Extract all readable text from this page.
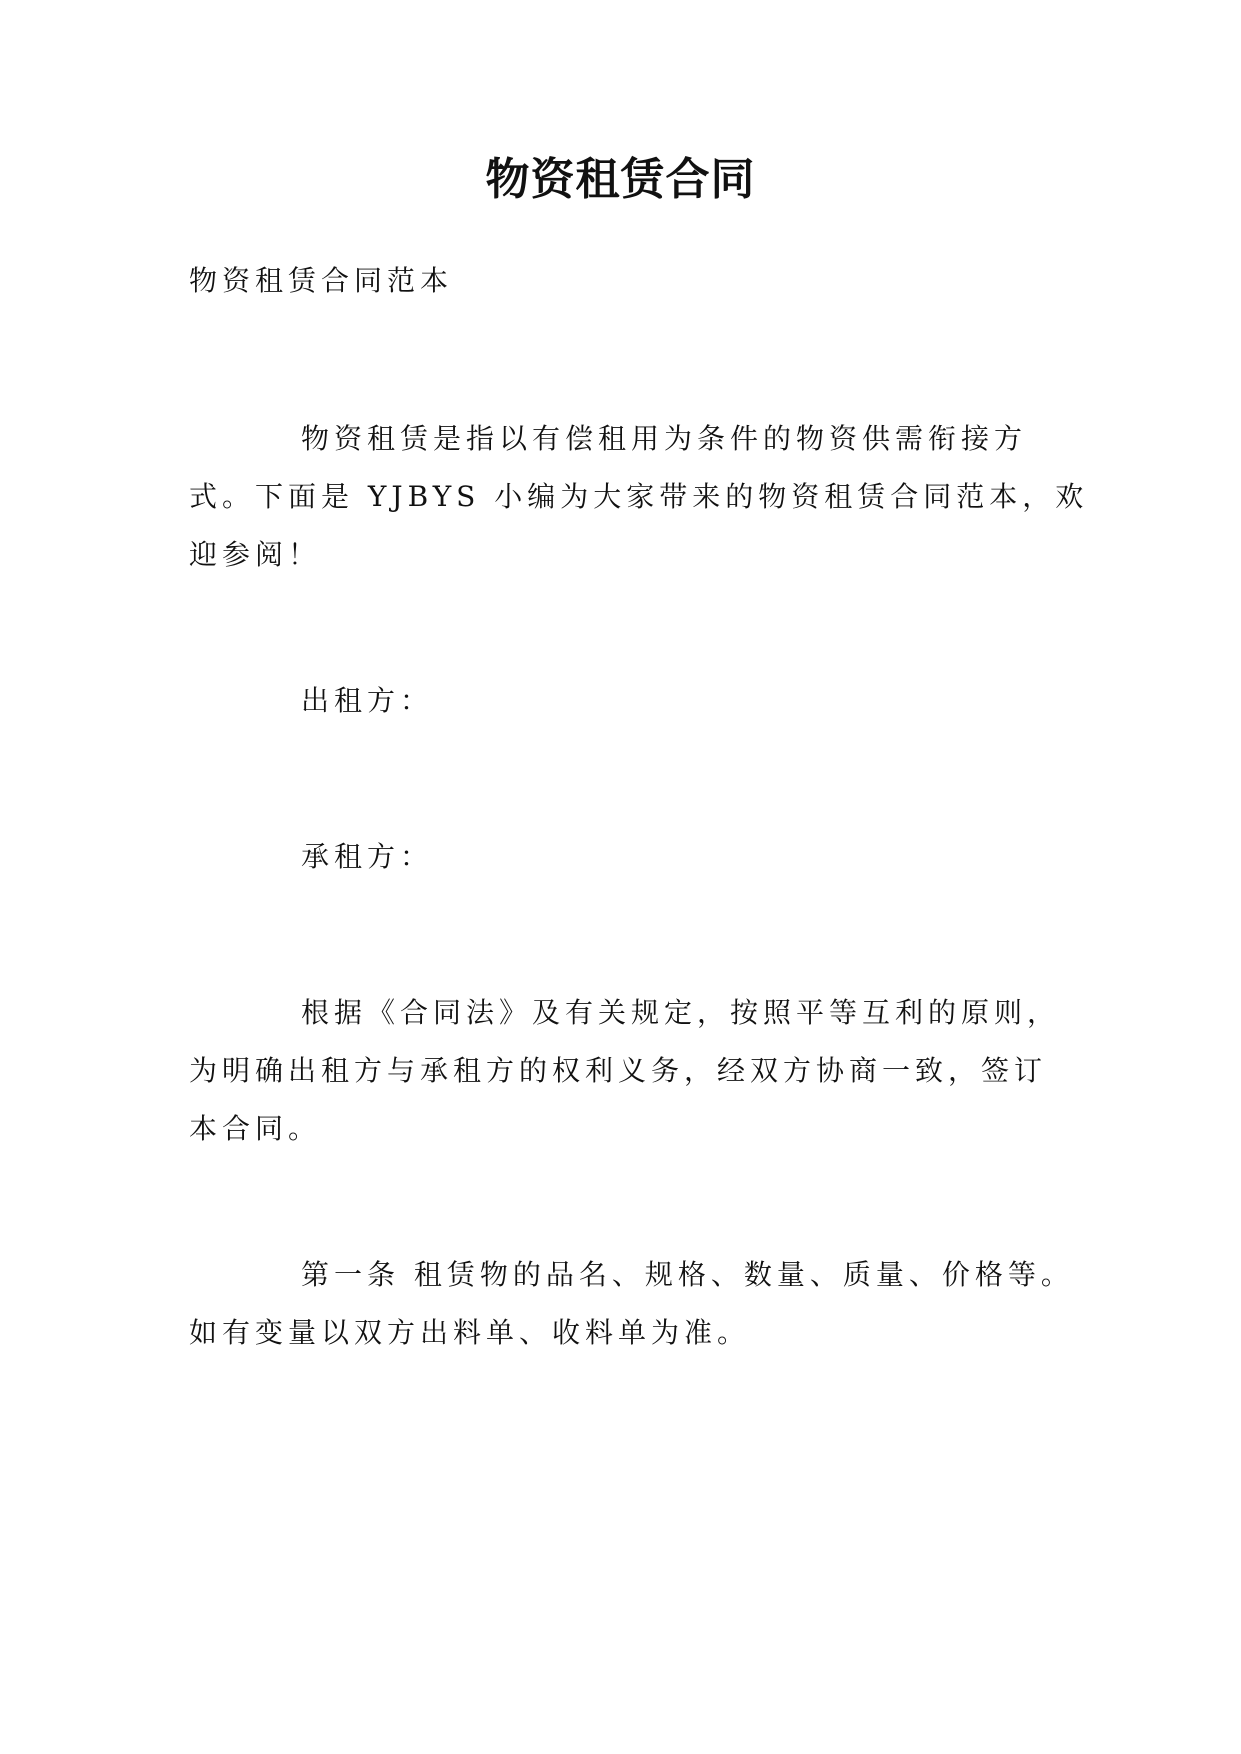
物资租赁合同

物资租赁合同范本

物资租赁是指以有偿租用为条件的物资供需衔接方
式。下面是 YJBYS 小编为大家带来的物资租赁合同范本，欢
迎参阅！

出租方：

承租方：

根据《合同法》及有关规定，按照平等互利的原则，
为明确出租方与承租方的权利义务，经双方协商一致，签订
本合同。

第一条 租赁物的品名、规格、数量、质量、价格等。
如有变量以双方出料单、收料单为准。
